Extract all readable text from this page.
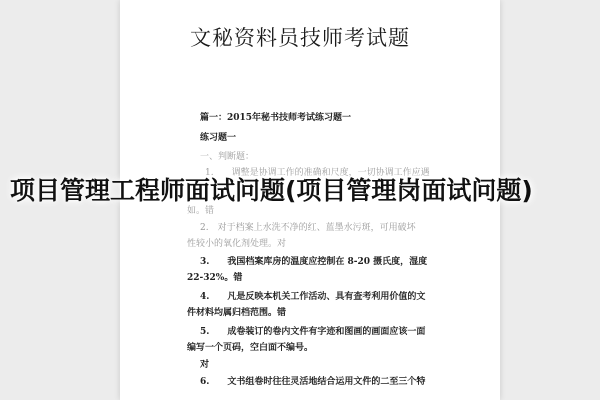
文秘资料员技师考试题
篇一：2015年秘书技师考试练习题一
练习题一
一、判断题：
1.　　调整是协调工作的准确和尺度，一切协调工作应遇
如。错
2.　对于档案上水洗不净的红、蓝墨水污斑，可用破坏
性较小的氧化剂处理。对
3.　　我国档案库房的温度应控制在 8-20 摄氏度，湿度
22-32%。错
4.　　凡是反映本机关工作活动、具有查考利用价值的文
件材料均属归档范围。错
5.　　成卷装订的卷内文件有字迹和图画的画面应该一面
编写一个页码，空白面不编号。
对
6.　　文书组卷时往往灵活地结合运用文件的二至三个特
项目管理工程师面试问题(项目管理岗面试问题)
